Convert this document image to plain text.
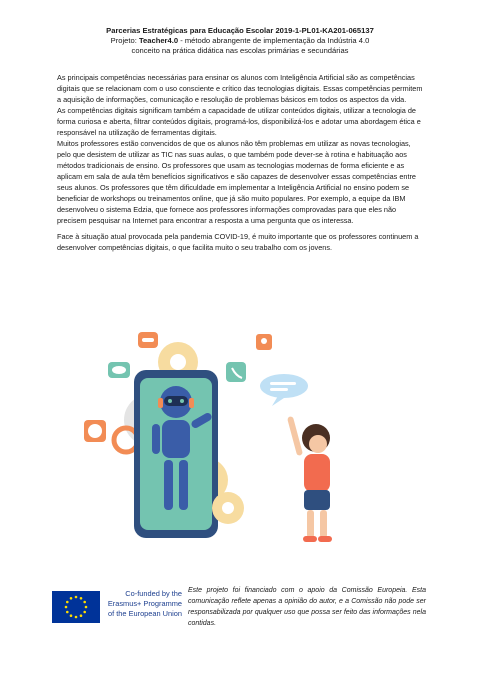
Parcerias Estratégicas para Educação Escolar 2019-1-PL01-KA201-065137
Projeto: Teacher4.0 - método abrangente de implementação da Indústria 4.0
conceito na prática didática nas escolas primárias e secundárias

As principais competências necessárias para ensinar os alunos com Inteligência Artificial são as competências digitais que se relacionam com o uso consciente e crítico das tecnologias digitais. Essas competências permitem a aquisição de informações, comunicação e resolução de problemas básicos em todos os aspectos da vida.

As competências digitais significam também a capacidade de utilizar conteúdos digitais, utilizar a tecnologia de forma curiosa e aberta, filtrar conteúdos digitais, programá-los, disponibilizá-los e adotar uma abordagem ética e responsável na utilização de ferramentas digitais.

Muitos professores estão convencidos de que os alunos não têm problemas em utilizar as novas tecnologias, pelo que desistem de utilizar as TIC nas suas aulas, o que também pode dever-se à rotina e habituação aos métodos tradicionais de ensino. Os professores que usam as tecnologias modernas de forma eficiente e as aplicam em sala de aula têm benefícios significativos e são capazes de desenvolver essas competências entre seus alunos. Os professores que têm dificuldade em implementar a Inteligência Artificial no ensino podem se beneficiar de workshops ou treinamentos online, que já são muito populares. Por exemplo, a equipe da IBM desenvolveu o sistema Edzia, que fornece aos professores informações comprovadas para que eles não precisem pesquisar na Internet para encontrar a resposta a uma pergunta que os interessa.

Face à situação atual provocada pela pandemia COVID-19, é muito importante que os professores continuem a desenvolver competências digitais, o que facilita muito o seu trabalho com os jovens.

Co-funded by the
Erasmus+ Programme
of the European Union
Este projeto foi financiado com o apoio da Comissão Europeia. Esta comunicação reflete apenas a opinião do autor, e a Comissão não pode ser responsabilizada por qualquer uso que possa ser feito das informações nela contidas.
